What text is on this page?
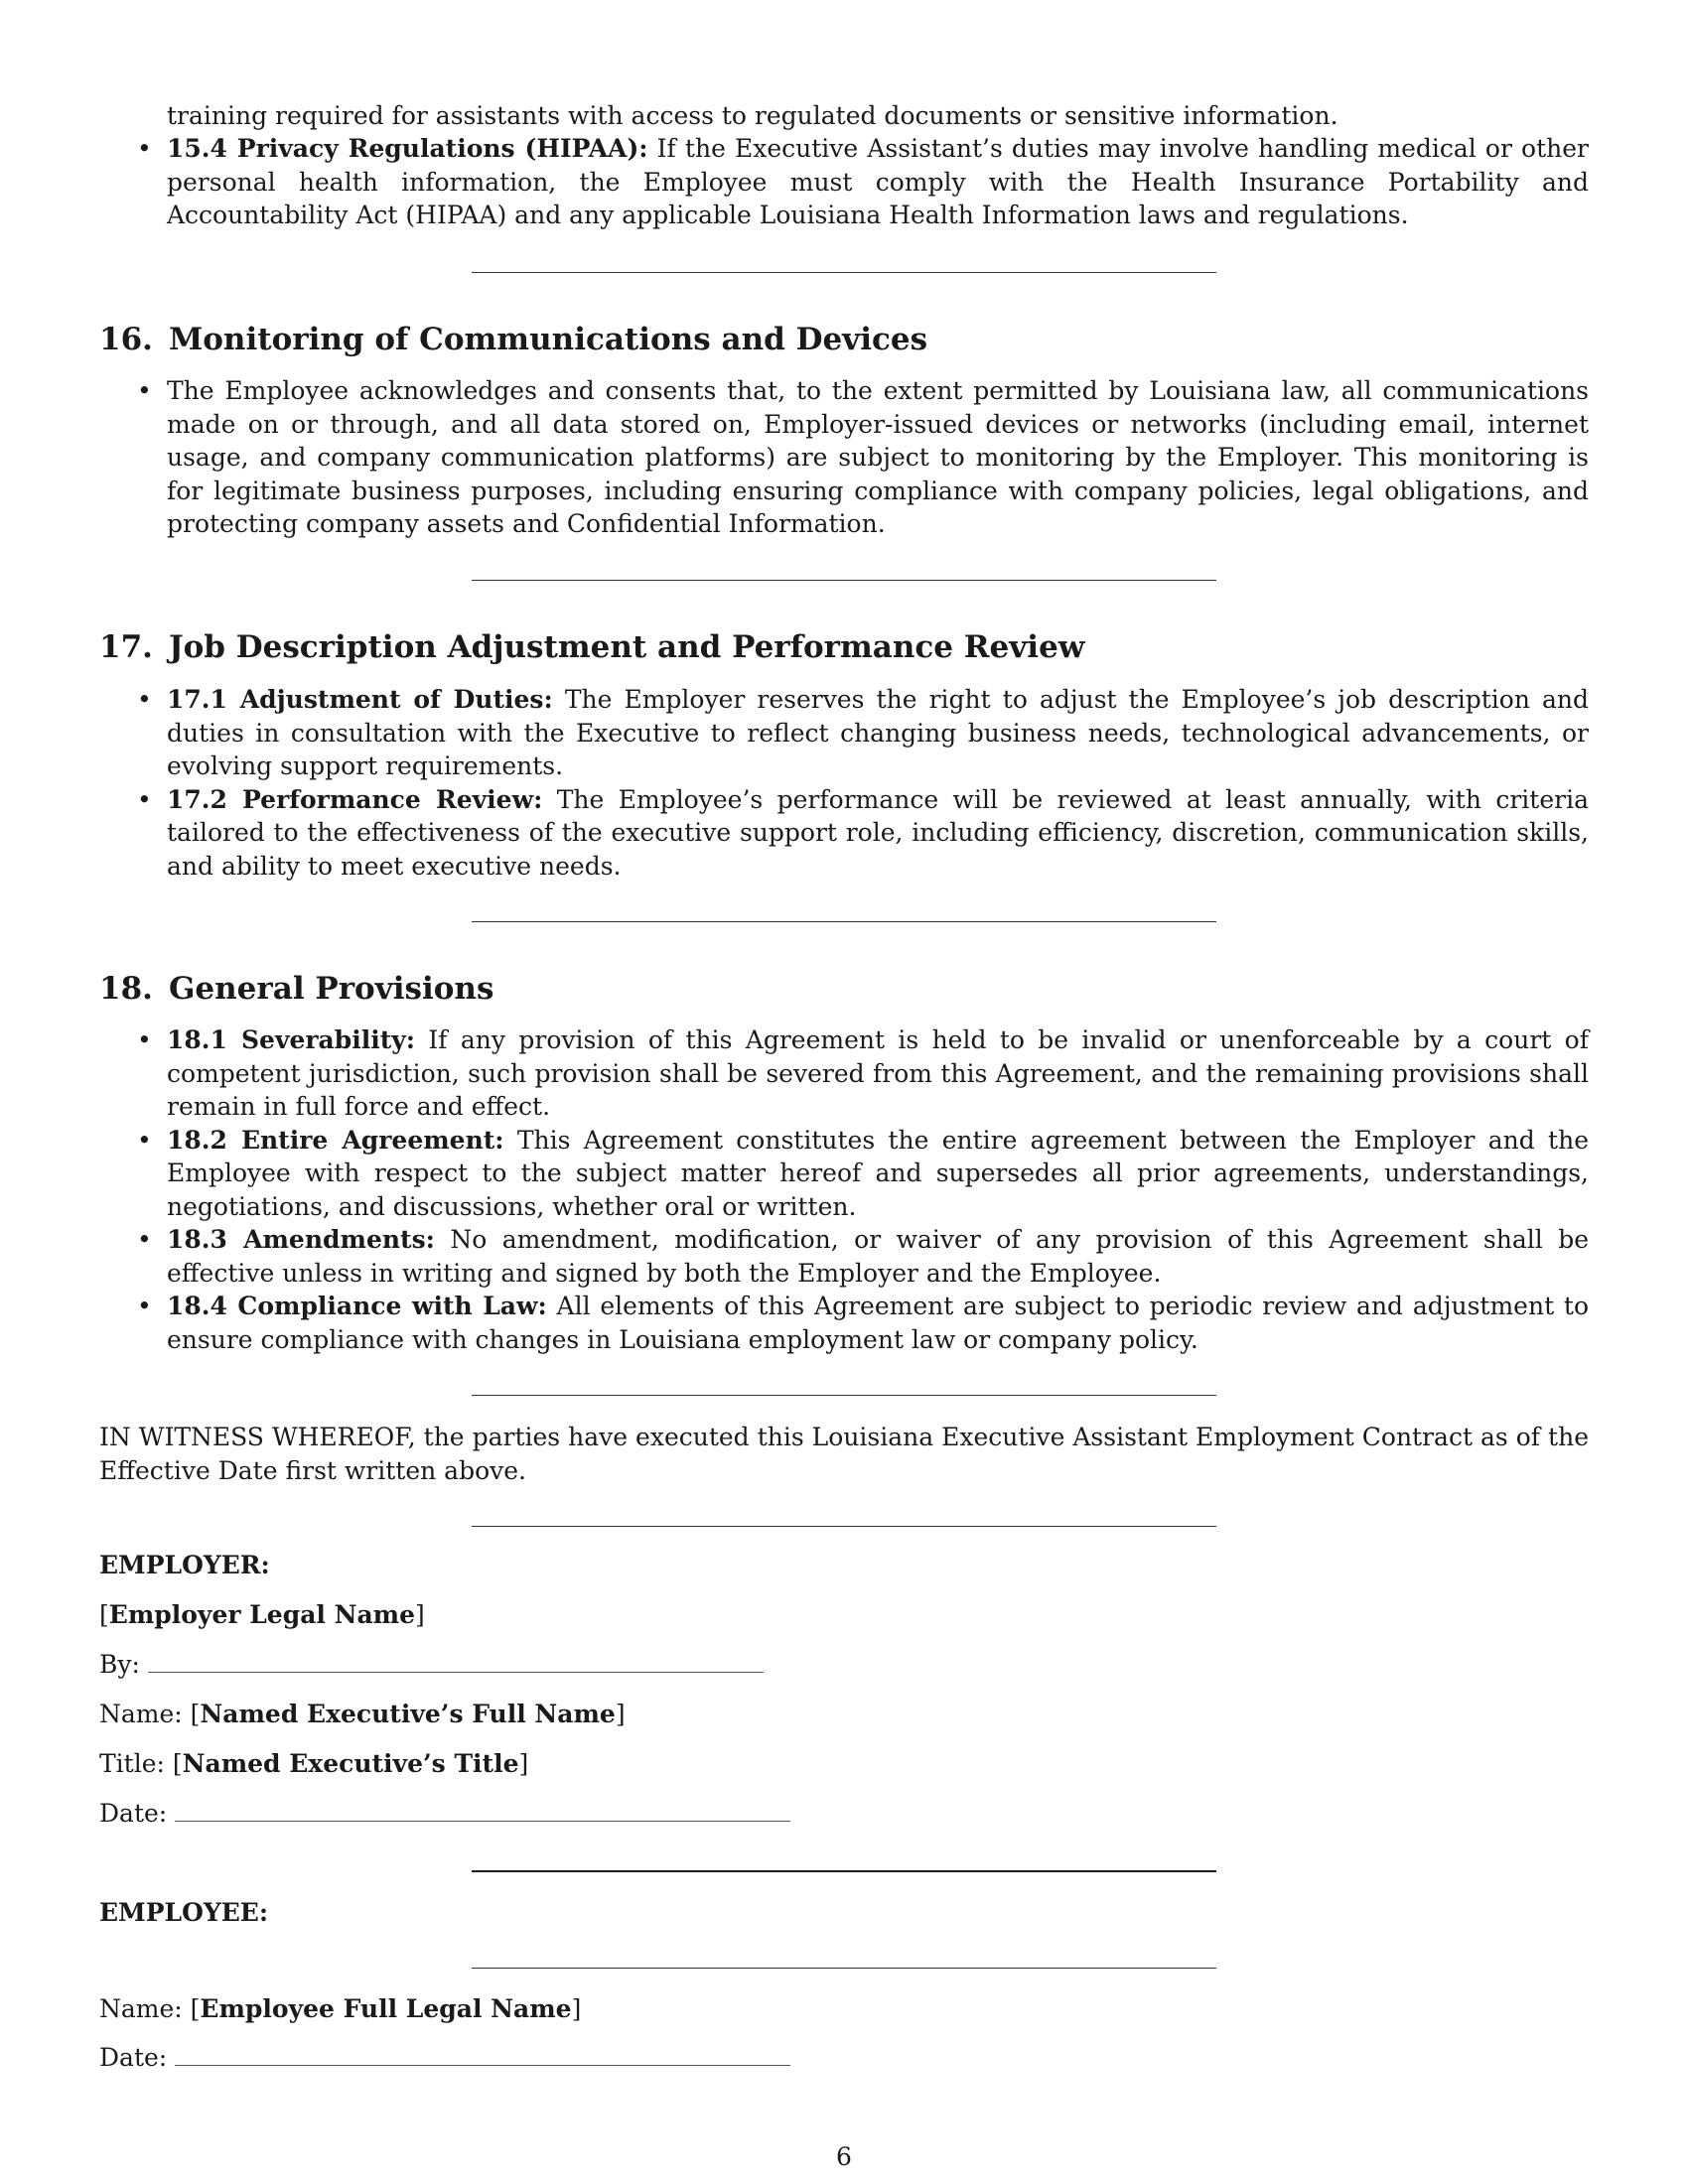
training required for assistants with access to regulated documents or sensitive information.
• 15.4 Privacy Regulations (HIPAA): If the Executive Assistant’s duties may involve handling medical or other personal health information, the Employee must comply with the Health Insurance Portability and Accountability Act (HIPAA) and any applicable Louisiana Health Information laws and regulations.
16. Monitoring of Communications and Devices
• The Employee acknowledges and consents that, to the extent permitted by Louisiana law, all communications made on or through, and all data stored on, Employer-issued devices or networks (including email, internet usage, and company communication platforms) are subject to monitoring by the Employer. This monitoring is for legitimate business purposes, including ensuring compliance with company policies, legal obligations, and protecting company assets and Confidential Information.
17. Job Description Adjustment and Performance Review
• 17.1 Adjustment of Duties: The Employer reserves the right to adjust the Employee’s job description and duties in consultation with the Executive to reflect changing business needs, technological advancements, or evolving support requirements.
• 17.2 Performance Review: The Employee’s performance will be reviewed at least annually, with criteria tailored to the effectiveness of the executive support role, including efficiency, discretion, communication skills, and ability to meet executive needs.
18. General Provisions
• 18.1 Severability: If any provision of this Agreement is held to be invalid or unenforceable by a court of competent jurisdiction, such provision shall be severed from this Agreement, and the remaining provisions shall remain in full force and effect.
• 18.2 Entire Agreement: This Agreement constitutes the entire agreement between the Employer and the Employee with respect to the subject matter hereof and supersedes all prior agreements, understandings, negotiations, and discussions, whether oral or written.
• 18.3 Amendments: No amendment, modification, or waiver of any provision of this Agreement shall be effective unless in writing and signed by both the Employer and the Employee.
• 18.4 Compliance with Law: All elements of this Agreement are subject to periodic review and adjustment to ensure compliance with changes in Louisiana employment law or company policy.

IN WITNESS WHEREOF, the parties have executed this Louisiana Executive Assistant Employment Contract as of the Effective Date first written above.

EMPLOYER:
[Employer Legal Name]
By:
Name: [Named Executive’s Full Name]
Title: [Named Executive’s Title]
Date:
EMPLOYEE:
Name: [Employee Full Legal Name]
Date:
6
